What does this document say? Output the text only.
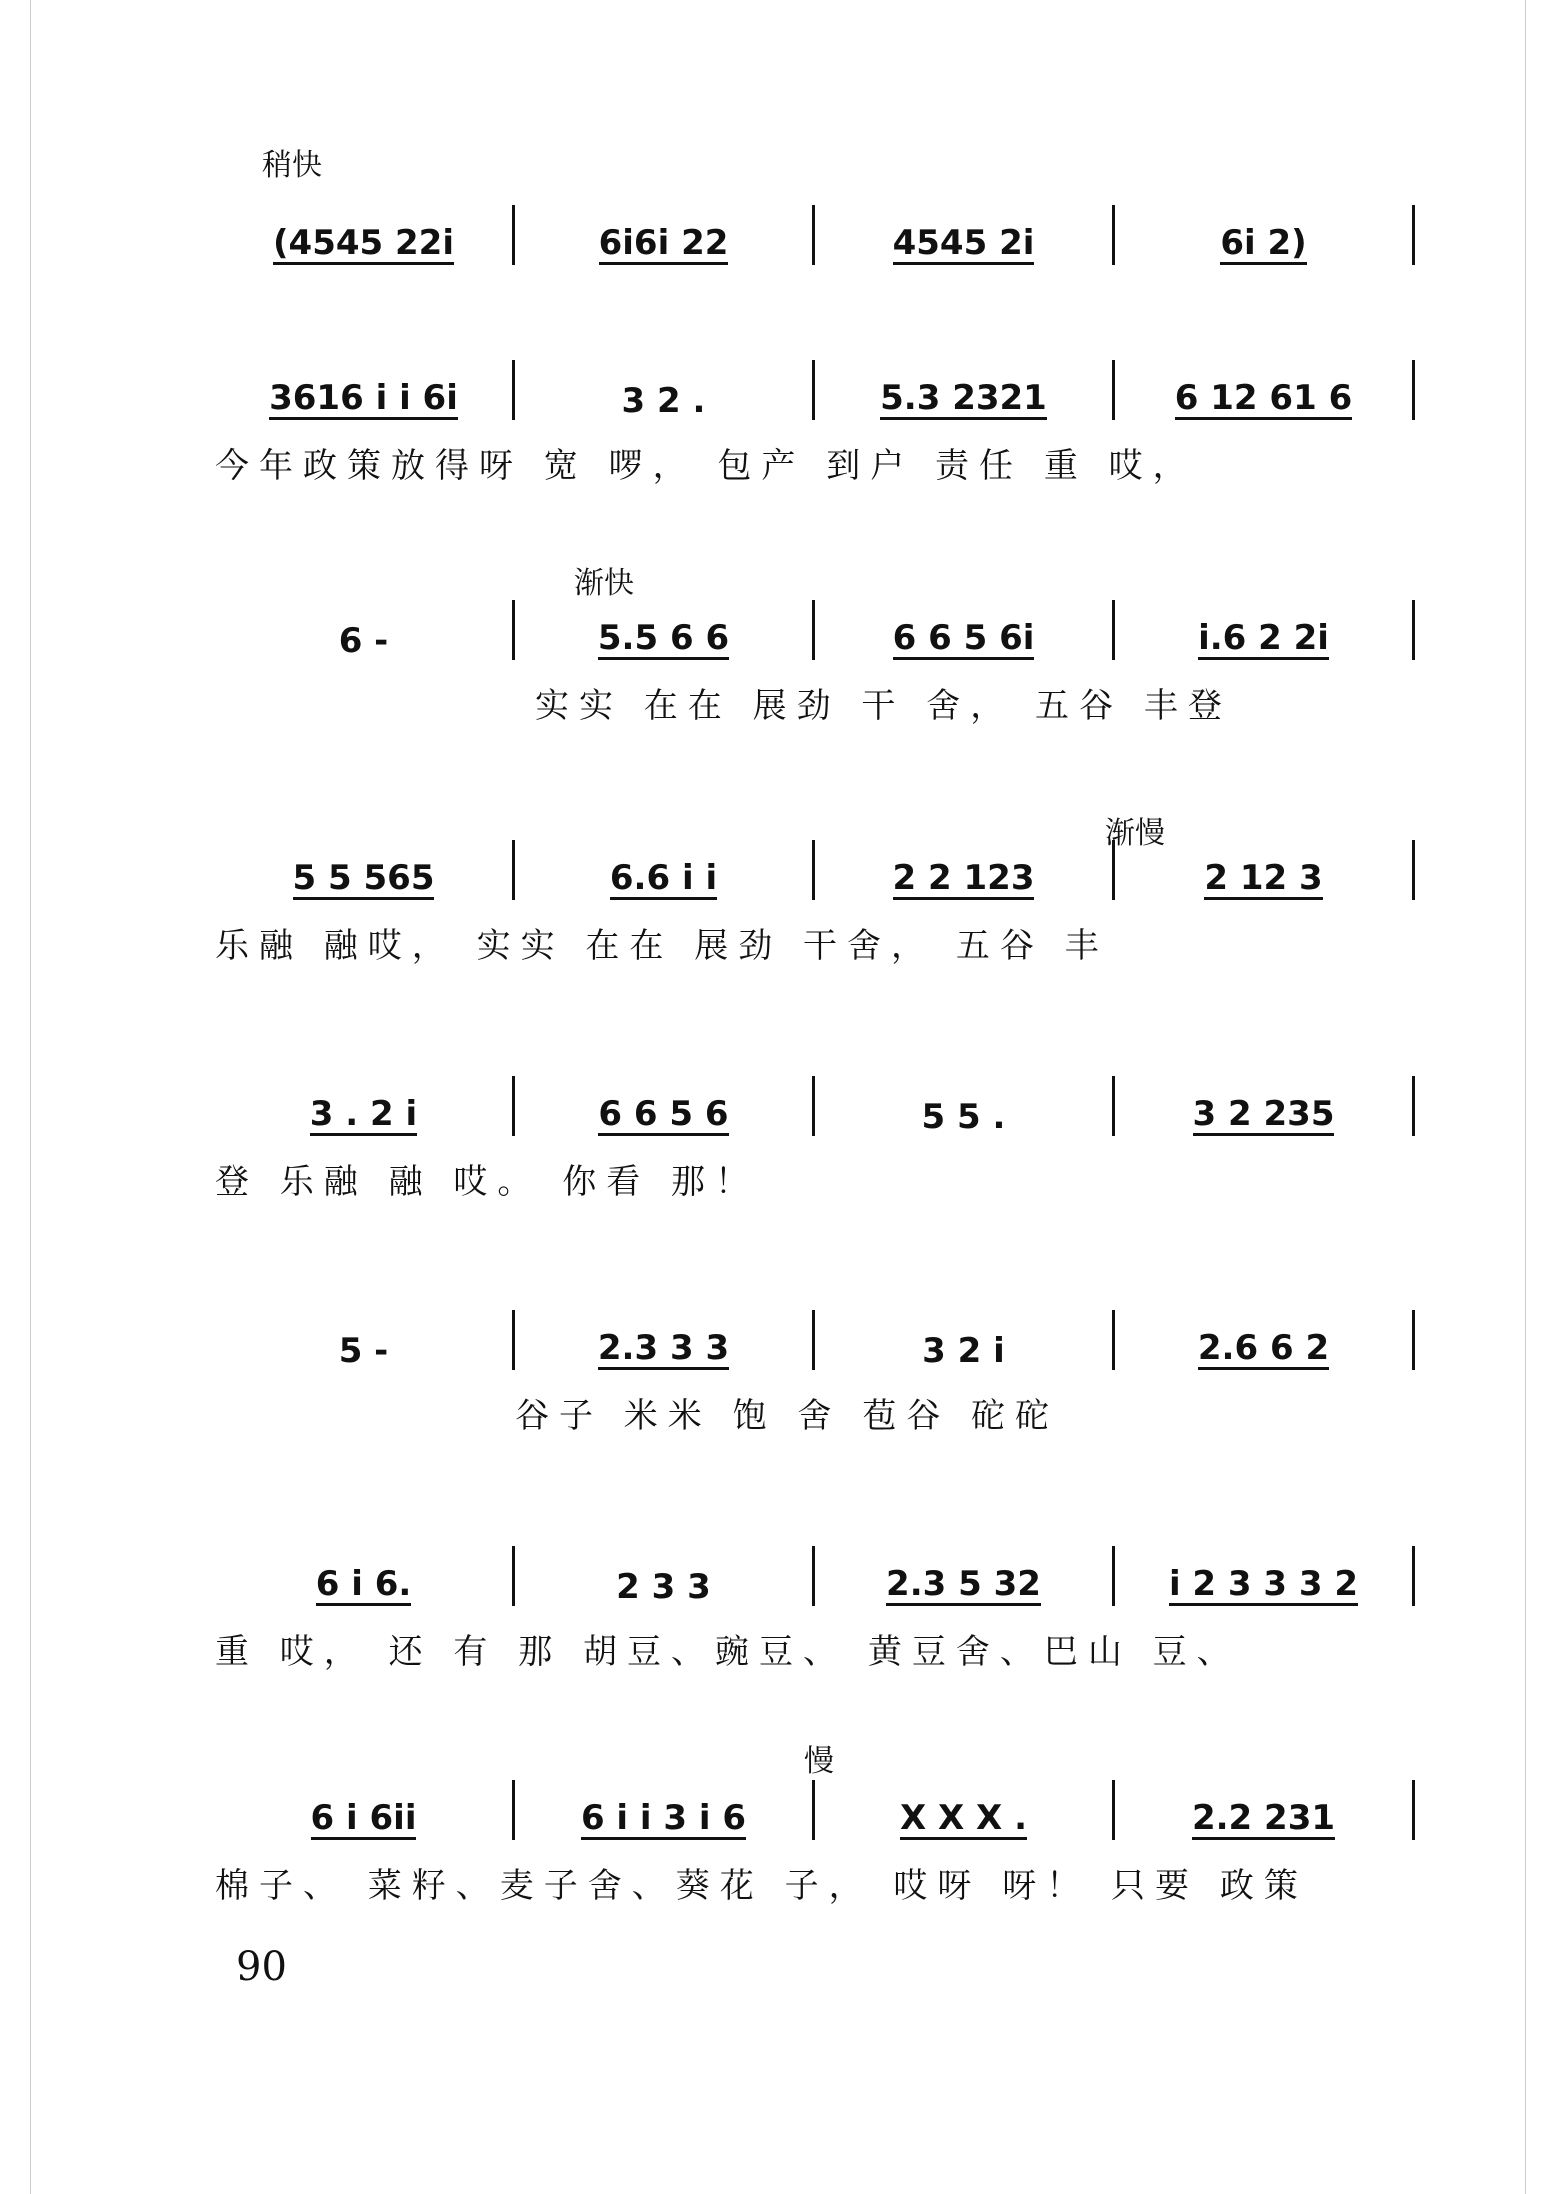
稍快
渐快
渐慢
慢
(4545 22i	6i6i 22	4545 2i	6i 2)
3616 i i 6i	3 2 .	5.3 2321	6 12 61 6
今年政策放得呀 宽 啰， 包产 到户 责任 重 哎，
6 -	5.5 6 6	6 6 5 6i	i.6 2 2i
实实 在在 展劲 干 舍， 五谷 丰登
5 5 565	6.6 i i	2 2 123	2 12 3
乐融 融哎， 实实 在在 展劲 干舍， 五谷 丰
3 . 2 i	6 6 5 6	5 5 .	3 2 235
登 乐融 融 哎。 你看 那！
5 -	2.3 3 3	3 2 i	2.6 6 2
谷子 米米 饱 舍 苞谷 砣砣
6 i 6.	2 3 3	2.3 5 32	i 2 3 3 3 2
重 哎， 还 有 那 胡豆、豌豆、 黄豆舍、巴山 豆、
6 i 6ii	6 i i 3 i 6	X X X .	2.2 231
棉子、 菜籽、麦子舍、葵花 子， 哎呀 呀！ 只要 政策
90
